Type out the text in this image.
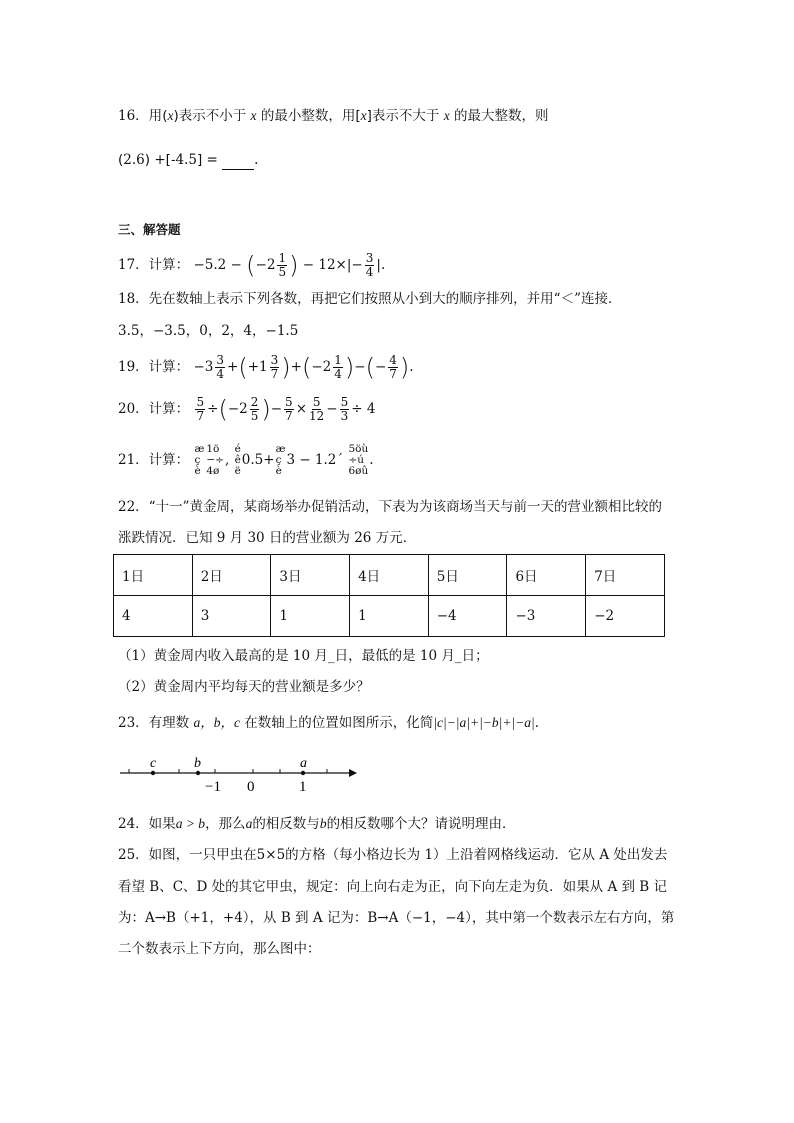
16．用(x)表示不小于 x 的最小整数，用[x]表示不大于 x 的最大整数，则
(2.6) +[-4.5] =	.
三、解答题
17．计算： $-5.2 - (-2 \frac{1}{5}$ ) − $12\times|- \frac{3}{4}$ |.
18．先在数轴上表示下列各数，再把它们按照从小到大的顺序排列，并用“＜”连接．
3.5，−3.5，0，2，4，−1.5
19．计算： $-3 \frac{3}{4} +(+1 \frac{3}{7} )+(-2 \frac{1}{4}$ )−(− $\frac{4}{7}$ ).
20．计算： $\frac{5}{7} \div(-2 \frac{2}{5}$ )− $\frac{5}{7} \times \frac{5}{12} - \frac{5}{3} \div 4$
21．计算：
æ
ç
è
1ö
−÷
4ø
,
é
ê
ë
0.5+
æ
ç
è
3 − 1.2´
5öù
÷ú
6øû
.
22．“十一”黄金周，某商场举办促销活动，下表为为该商场当天与前一天的营业额相比较的
涨跌情况．已知 9 月 30 日的营业额为 26 万元．
1日	2日	3日	4日	5日	6日	7日
4	3	1	1	−4	−3	−2
（1）黄金周内收入最高的是 10 月_日，最低的是 10 月_日；
（2）黄金周内平均每天的营业额是多少？
23．有理数 a，b，c 在数轴上的位置如图所示，化简|c|−|a|+|−b|+|−a|.
c	b	a
−1 0	1
24．如果a > b，那么a的相反数与b的相反数哪个大？请说明理由．
25．如图，一只甲虫在5×5的方格（每小格边长为 1）上沿着网格线运动．它从 A 处出发去
看望 B、C、D 处的其它甲虫，规定：向上向右走为正，向下向左走为负．如果从 A 到 B 记
为：A→B（+1，+4），从 B 到 A 记为：B→A（−1，−4），其中第一个数表示左右方向，第
二个数表示上下方向，那么图中：
